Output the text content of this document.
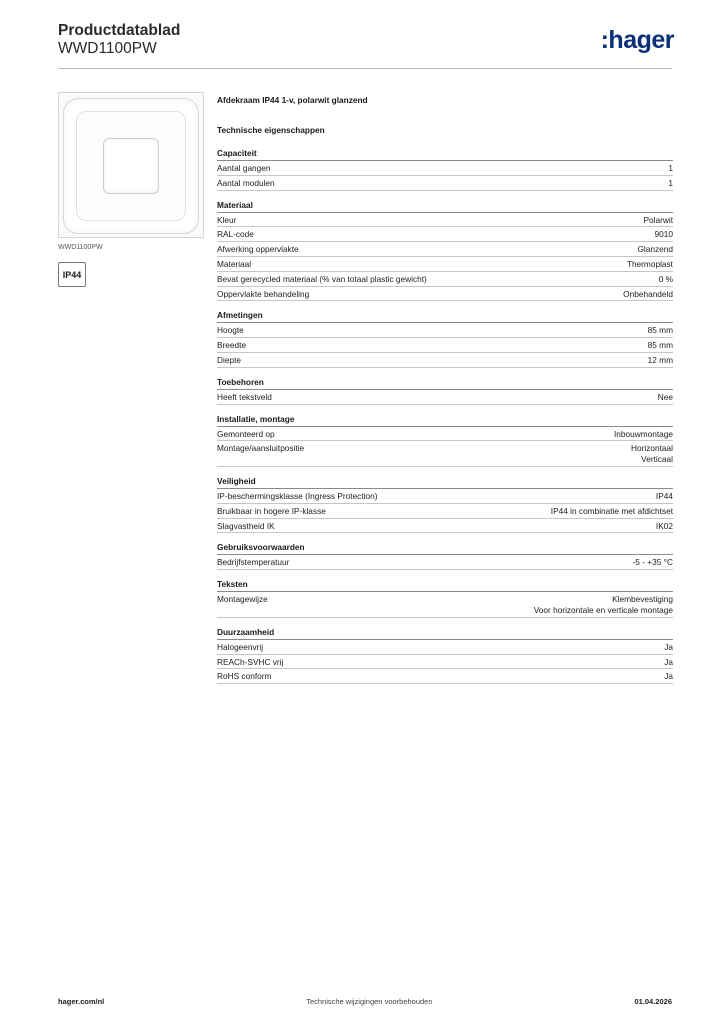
Productdatablad
WWD1100PW	:hager
WWD1100PW
IP44
Afdekraam IP44 1-v, polarwit glanzend
Technische eigenschappen
Capaciteit
Aantal gangen	1
Aantal modulen	1
Materiaal
Kleur	Polarwit
RAL-code	9010
Afwerking oppervlakte	Glanzend
Materiaal	Thermoplast
Bevat gerecycled materiaal (% van totaal plastic gewicht)	0 %
Oppervlakte behandeling	Onbehandeld
Afmetingen
Hoogte	85 mm
Breedte	85 mm
Diepte	12 mm
Toebehoren
Heeft tekstveld	Nee
Installatie, montage
Gemonteerd op	Inbouwmontage
Montage/aansluitpositie	Horizontaal
Verticaal
Veiligheid
IP-beschermingsklasse (Ingress Protection)	IP44
Bruikbaar in hogere IP-klasse	IP44 in combinatie met afdichtset
Slagvastheid IK	IK02
Gebruiksvoorwaarden
Bedrijfstemperatuur	-5 - +35 °C
Teksten
Montagewijze	Klembevestiging
Voor horizontale en verticale montage
Duurzaamheid
Halogeenvrij	Ja
REACh-SVHC vrij	Ja
RoHS conform	Ja
hager.com/nl	Technische wijzigingen voorbehouden	01.04.2026
